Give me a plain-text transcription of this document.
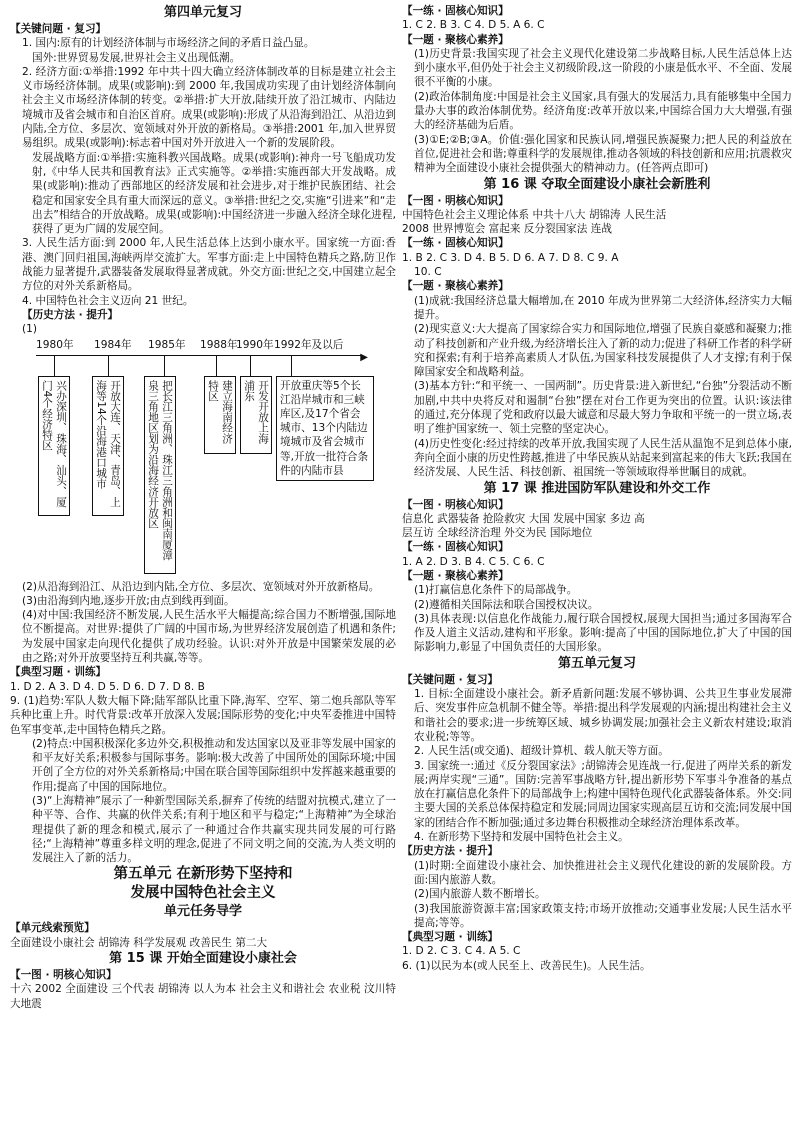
第四单元复习

【关键问题 · 复习】

1. 国内:原有的计划经济体制与市场经济之间的矛盾日益凸显。

国外:世界贸易发展,世界社会主义出现低潮。

2. 经济方面:①举措:1992 年中共十四大确立经济体制改革的目标是建立社会主义市场经济体制。成果(或影响):到 2000 年,我国成功实现了由计划经济体制向社会主义市场经济体制的转变。②举措:扩大开放,陆续开放了沿江城市、内陆边境城市及省会城市和自治区首府。成果(或影响):形成了从沿海到沿江、从沿边到内陆,全方位、多层次、宽领域对外开放的新格局。③举措:2001 年,加入世界贸易组织。成果(或影响):标志着中国对外开放进入一个新的发展阶段。

发展战略方面:①举措:实施科教兴国战略。成果(或影响):神舟一号飞船成功发射,《中华人民共和国教育法》正式实施等。②举措:实施西部大开发战略。成果(或影响):推动了西部地区的经济发展和社会进步,对于维护民族团结、社会稳定和国家安全具有重大而深远的意义。③举措:世纪之交,实施“引进来”和“走出去”相结合的开放战略。成果(或影响):中国经济进一步融入经济全球化进程,获得了更为广阔的发展空间。

3. 人民生活方面:到 2000 年,人民生活总体上达到小康水平。国家统一方面:香港、澳门回归祖国,海峡两岸交流扩大。军事方面:走上中国特色精兵之路,防卫作战能力显著提升,武器装备发展取得显著成就。外交方面:世纪之交,中国建立起全方位的对外关系新格局。

4. 中国特色社会主义迈向 21 世纪。

【历史方法 · 提升】

(1)

1980年 1984年 1985年 1988年
1990年 1992年及以后
▶
兴办深圳、珠海、汕头、厦门4个经济特区	开放大连、天津、青岛、上海等14个沿海港口城市	把长江三角洲、珠江三角洲和闽南厦漳泉三角地区划为沿海经济开放区	建立海南经济特区	开发开放上海浦东	开放重庆等5个长江沿岸城市和三峡库区,及17个省会城市、13个内陆边境城市及省会城市等,开放一批符合条件的内陆市县

(2)从沿海到沿江、从沿边到内陆,全方位、多层次、宽领域对外开放新格局。

(3)由沿海到内地,逐步开放;由点到线再到面。

(4)对中国:我国经济不断发展,人民生活水平大幅提高;综合国力不断增强,国际地位不断提高。对世界:提供了广阔的中国市场,为世界经济发展创造了机遇和条件;为发展中国家走向现代化提供了成功经验。认识:对外开放是中国繁荣发展的必由之路;对外开放要坚持互利共赢,等等。

【典型习题 · 训练】

1. D 2. A 3. D 4. D 5. D 6. D 7. D 8. B

9. (1)趋势:军队人数大幅下降;陆军部队比重下降,海军、空军、第二炮兵部队等军兵种比重上升。时代背景:改革开放深入发展;国际形势的变化;中央军委推进中国特色军事变革,走中国特色精兵之路。

(2)特点:中国积极深化多边外交,积极推动和发达国家以及亚非等发展中国家的和平友好关系;积极参与国际事务。影响:极大改善了中国所处的国际环境;中国开创了全方位的对外关系新格局;中国在联合国等国际组织中发挥越来越重要的作用;提高了中国的国际地位。

(3)“上海精神”展示了一种新型国际关系,摒弃了传统的结盟对抗模式,建立了一种平等、合作、共赢的伙伴关系;有利于地区和平与稳定;“上海精神”为全球治理提供了新的理念和模式,展示了一种通过合作共赢实现共同发展的可行路径;“上海精神”尊重多样文明的理念,促进了不同文明之间的交流,为人类文明的发展注入了新的活力。

第五单元 在新形势下坚持和

发展中国特色社会主义

单元任务导学

【单元线索预览】

全面建设小康社会 胡锦涛 科学发展观 改善民生 第二大

第 15 课 开始全面建设小康社会

【一图 · 明核心知识】

十六 2002 全面建设 三个代表 胡锦涛 以人为本 社会主义和谐社会 农业税 汶川特大地震

【一练 · 固核心知识】

1. C 2. B 3. C 4. D 5. A 6. C

【一题 · 聚核心素养】

(1)历史背景:我国实现了社会主义现代化建设第二步战略目标,人民生活总体上达到小康水平,但仍处于社会主义初级阶段,这一阶段的小康是低水平、不全面、发展很不平衡的小康。

(2)政治体制角度:中国是社会主义国家,具有强大的发展活力,具有能够集中全国力量办大事的政治体制优势。经济角度:改革开放以来,中国综合国力大大增强,有强大的经济基础为后盾。

(3)①E;②B;③A。价值:强化国家和民族认同,增强民族凝聚力;把人民的利益放在首位,促进社会和谐;尊重科学的发展规律,推动各领域的科技创新和应用;抗震救灾精神为全面建设小康社会提供强大的精神动力。(任答两点即可)

第 16 课 夺取全面建设小康社会新胜利

【一图 · 明核心知识】

中国特色社会主义理论体系 中共十八大 胡锦涛 人民生活

2008 世界博览会 富起来 反分裂国家法 连战

【一练 · 固核心知识】

1. B 2. C 3. D 4. B 5. D 6. A 7. D 8. C 9. A

10. C

【一题 · 聚核心素养】

(1)成就:我国经济总量大幅增加,在 2010 年成为世界第二大经济体,经济实力大幅提升。

(2)现实意义:大大提高了国家综合实力和国际地位,增强了民族自豪感和凝聚力;推动了科技创新和产业升级,为经济增长注入了新的动力;促进了科研工作者的科学研究和探索;有利于培养高素质人才队伍,为国家科技发展提供了人才支撑;有利于保障国家安全和战略利益。

(3)基本方针:“和平统一、一国两制”。历史背景:进入新世纪,“台独”分裂活动不断加剧,中共中央将反对和遏制“台独”摆在对台工作更为突出的位置。认识:该法律的通过,充分体现了党和政府以最大诚意和尽最大努力争取和平统一的一贯立场,表明了维护国家统一、领土完整的坚定决心。

(4)历史性变化:经过持续的改革开放,我国实现了人民生活从温饱不足到总体小康,奔向全面小康的历史性跨越,推进了中华民族从站起来到富起来的伟大飞跃;我国在经济发展、人民生活、科技创新、祖国统一等领域取得举世瞩目的成就。

第 17 课 推进国防军队建设和外交工作

【一图 · 明核心知识】

信息化 武器装备 抢险救灾 大国 发展中国家 多边 高

层互访 全球经济治理 外交为民 国际地位

【一练 · 固核心知识】

1. A 2. D 3. B 4. C 5. C 6. C

【一题 · 聚核心素养】

(1)打赢信息化条件下的局部战争。

(2)遵循相关国际法和联合国授权决议。

(3)具体表现:以信息化作战能力,履行联合国授权,展现大国担当;通过多国海军合作及人道主义活动,建构和平形象。影响:提高了中国的国际地位,扩大了中国的国际影响力,彰显了中国负责任的大国形象。

第五单元复习

【关键问题 · 复习】

1. 目标:全面建设小康社会。新矛盾新问题:发展不够协调、公共卫生事业发展滞后、突发事件应急机制不健全等。举措:提出科学发展观的内涵;提出构建社会主义和谐社会的要求;进一步统筹区域、城乡协调发展;加强社会主义新农村建设;取消农业税;等等。

2. 人民生活(或交通)、超级计算机、载人航天等方面。

3. 国家统一:通过《反分裂国家法》;胡锦涛会见连战一行,促进了两岸关系的新发展;两岸实现“三通”。国防:完善军事战略方针,提出新形势下军事斗争准备的基点放在打赢信息化条件下的局部战争上;构建中国特色现代化武器装备体系。外交:同主要大国的关系总体保持稳定和发展;同周边国家实现高层互访和交流;同发展中国家的团结合作不断加强;通过多边舞台积极推动全球经济治理体系改革。

4. 在新形势下坚持和发展中国特色社会主义。

【历史方法 · 提升】

(1)时期:全面建设小康社会、加快推进社会主义现代化建设的新的发展阶段。方面:国内旅游人数。

(2)国内旅游人数不断增长。

(3)我国旅游资源丰富;国家政策支持;市场开放推动;交通事业发展;人民生活水平提高;等等。

【典型习题 · 训练】

1. D 2. C 3. C 4. A 5. C

6. (1)以民为本(或人民至上、改善民生)。人民生活。
